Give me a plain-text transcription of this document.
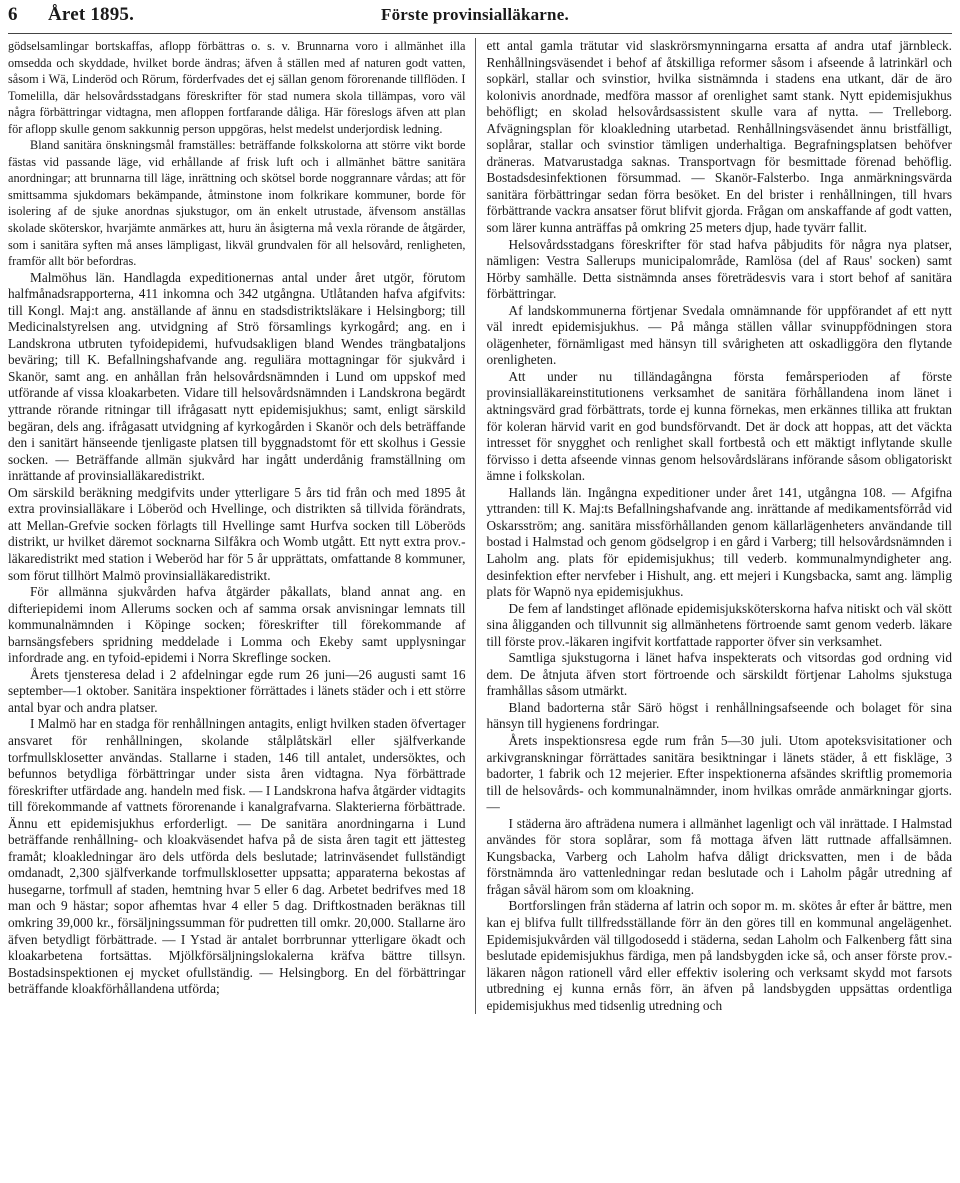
6	Året 1895.	Förste provinsialläkarne.

gödselsamlingar bortskaffas, aflopp förbättras o. s. v. Brunnarna voro i allmänhet illa omsedda och skyddade, hvilket borde ändras; äfven å ställen med af naturen godt vatten, såsom i Wä, Linderöd och Rörum, förderfvades det ej sällan genom förorenande tillflöden. I Tomelilla, där helsovårdsstadgans föreskrifter för stad numera skola tillämpas, voro väl några förbättringar vidtagna, men afloppen fortfarande dåliga. Här föreslogs äfven att plan för aflopp skulle genom sakkunnig person uppgöras, helst medelst underjordisk ledning.

Bland sanitära önskningsmål framställes: beträffande folkskolorna att större vikt borde fästas vid passande läge, vid erhållande af frisk luft och i allmänhet bättre sanitära anordningar; att brunnarna till läge, inrättning och skötsel borde noggrannare vårdas; att för smittsamma sjukdomars bekämpande, åtminstone inom folkrikare kommuner, borde för isolering af de sjuke anordnas sjukstugor, om än enkelt utrustade, äfvensom anställas skolade sköterskor, hvarjämte anmärkes att, huru än åsigterna må vexla rörande de åtgärder, som i sanitära syften må anses lämpligast, likväl grundvalen för all helsovård, renligheten, framför allt bör befordras.

Malmöhus län. Handlagda expeditionernas antal under året utgör, förutom halfmånadsrapporterna, 411 inkomna och 342 utgångna. Utlåtanden hafva afgifvits: till Kongl. Maj:t ang. anställande af ännu en stadsdistriktsläkare i Helsingborg; till Medicinalstyrelsen ang. utvidgning af Strö församlings kyrkogård; ang. en i Landskrona utbruten tyfoidepidemi, hufvudsakligen bland Wendes trängbataljons beväring; till K. Befallningshafvande ang. reguliära mottagningar för sjukvård i Skanör, samt ang. en anhållan från helsovårdsnämnden i Lund om uppskof med utförande af vissa kloakarbeten. Vidare till helsovårdsnämnden i Landskrona begärdt yttrande rörande ritningar till ifrågasatt nytt epidemisjukhus; samt, enligt särskild begäran, dels ang. ifrågasatt utvidgning af kyrkogården i Skanör och dels beträffande den i sanitärt hänseende tjenligaste platsen till byggnadstomt för ett skolhus i Gessie socken. — Beträffande allmän sjukvård har ingått underdånig framställning om inrättande af provinsialläkaredistrikt.

Om särskild beräkning medgifvits under ytterligare 5 års tid från och med 1895 åt extra provinsialläkare i Löberöd och Hvellinge, och distrikten så tillvida förändrats, att Mellan-Grefvie socken förlagts till Hvellinge samt Hurfva socken till Löberöds distrikt, ur hvilket däremot socknarna Silfåkra och Womb utgått. Ett nytt extra prov.-läkaredistrikt med station i Weberöd har för 5 år upprättats, omfattande 8 kommuner, som förut tillhört Malmö provinsialläkaredistrikt.

För allmänna sjukvården hafva åtgärder påkallats, bland annat ang. en difteriepidemi inom Allerums socken och af samma orsak anvisningar lemnats till kommunalnämnden i Köpinge socken; föreskrifter till förekommande af barnsängsfebers spridning meddelade i Lomma och Ekeby samt upplysningar infordrade ang. en tyfoid-epidemi i Norra Skreflinge socken.

Årets tjensteresa delad i 2 afdelningar egde rum 26 juni—26 augusti samt 16 september—1 oktober. Sanitära inspektioner förrättades i länets städer och i ett större antal byar och andra platser.

I Malmö har en stadga för renhållningen antagits, enligt hvilken staden öfvertager ansvaret för renhållningen, skolande stålplåtskärl eller själfverkande torfmullsklosetter användas. Stallarne i staden, 146 till antalet, undersöktes, och befunnos betydliga förbättringar under sista åren vidtagna. Nya förbättrade föreskrifter utfärdade ang. handeln med fisk. — I Landskrona hafva åtgärder vidtagits till förekommande af vattnets förorenande i kanalgrafvarna. Slakterierna förbättrade. Ännu ett epidemisjukhus erforderligt. — De sanitära anordningarna i Lund beträffande renhållning- och kloakväsendet hafva på de sista åren tagit ett jättesteg framåt; kloakledningar äro dels utförda dels beslutade; latrinväsendet fullständigt omdanadt, 2,300 själfverkande torfmullsklosetter uppsatta; apparaterna bekostas af husegarne, torfmull af staden, hemtning hvar 5 eller 6 dag. Arbetet bedrifves med 18 man och 9 hästar; sopor afhemtas hvar 4 eller 5 dag. Driftkostnaden beräknas till omkring 39,000 kr., försäljningssumman för pudretten till omkr. 20,000. Stallarne äro äfven betydligt förbättrade. — I Ystad är antalet borrbrunnar ytterligare ökadt och kloakarbetena fortsättas. Mjölkförsäljningslokalerna kräfva bättre tillsyn. Bostadsinspektionen ej mycket ofullständig. — Helsingborg. En del förbättringar beträffande kloakförhållandena utförda;

ett antal gamla trätutar vid slaskrörsmynningarna ersatta af andra utaf järnbleck. Renhållningsväsendet i behof af åtskilliga reformer såsom i afseende å latrinkärl och sopkärl, stallar och svinstior, hvilka sistnämnda i stadens ena utkant, där de äro kolonivis anordnade, medföra massor af orenlighet samt stank. Nytt epidemisjukhus behöfligt; en skolad helsovårdsassistent skulle vara af nytta. — Trelleborg. Afvägningsplan för kloakledning utarbetad. Renhållningsväsendet ännu bristfälligt, soplårar, stallar och svinstior tämligen underhaltiga. Begrafningsplatsen behöfver dräneras. Matvarustadga saknas. Transportvagn för besmittade förenad behöflig. Bostadsdesinfektionen försummad. — Skanör-Falsterbo. Inga anmärkningsvärda sanitära förbättringar sedan förra besöket. En del brister i renhållningen, till hvars förbättrande vackra ansatser förut blifvit gjorda. Frågan om anskaffande af godt vatten, som lärer kunna anträffas på omkring 25 meters djup, hade tyvärr fallit.

Helsovårdsstadgans föreskrifter för stad hafva påbjudits för några nya platser, nämligen: Vestra Sallerups municipalområde, Ramlösa (del af Raus' socken) samt Hörby samhälle. Detta sistnämnda anses företrädesvis vara i stort behof af sanitära förbättringar.

Af landskommunerna förtjenar Svedala omnämnande för uppförandet af ett nytt väl inredt epidemisjukhus. — På många ställen vållar svinuppfödningen stora olägenheter, förnämligast med hänsyn till svårigheten att oskadliggöra den flytande orenligheten.

Att under nu tilländagångna första femårsperioden af förste provinsialläkareinstitutionens verksamhet de sanitära förhållandena inom länet i aktningsvärd grad förbättrats, torde ej kunna förnekas, men erkännes tillika att fruktan för koleran härvid varit en god bundsförvandt. Det är dock att hoppas, att det väckta intresset för snygghet och renlighet skall fortbestå och ett mäktigt inflytande skulle förvisso i detta afseende vinnas genom helsovårdslärans införande såsom obligatoriskt ämne i folkskolan.

Hallands län. Ingångna expeditioner under året 141, utgångna 108. — Afgifna yttranden: till K. Maj:ts Befallningshafvande ang. inrättande af medikamentsförråd vid Oskarsström; ang. sanitära missförhållanden genom källarlägenheters användande till bostad i Halmstad och genom gödselgrop i en gård i Varberg; till helsovårdsnämnden i Laholm ang. plats för epidemisjukhus; till vederb. kommunalmyndigheter ang. desinfektion efter nervfeber i Hishult, ang. ett mejeri i Kungsbacka, samt ang. lämplig plats för Wapnö nya epidemisjukhus.

De fem af landstinget aflönade epidemisjuksköterskorna hafva nitiskt och väl skött sina åligganden och tillvunnit sig allmänhetens förtroende samt genom vederb. läkare till förste prov.-läkaren ingifvit kortfattade rapporter öfver sin verksamhet.

Samtliga sjukstugorna i länet hafva inspekterats och vitsordas god ordning vid dem. De åtnjuta äfven stort förtroende och särskildt förtjenar Laholms sjukstuga framhållas såsom utmärkt.

Bland badorterna står Särö högst i renhållningsafseende och bolaget för sina hänsyn till hygienens fordringar.

Årets inspektionsresa egde rum från 5—30 juli. Utom apoteksvisitationer och arkivgranskningar förrättades sanitära besiktningar i länets städer, å ett fiskläge, 3 badorter, 1 fabrik och 12 mejerier. Efter inspektionerna afsändes skriftlig promemoria till de helsovårds- och kommunalnämnder, inom hvilkas område anmärkningar gjorts. —

I städerna äro afträdena numera i allmänhet lagenligt och väl inrättade. I Halmstad användes för stora soplårar, som få mottaga äfven lätt ruttnade affallsämnen. Kungsbacka, Varberg och Laholm hafva dåligt dricksvatten, men i de båda förstnämnda äro vattenledningar redan beslutade och i Laholm pågår utredning af frågan såväl härom som om kloakning.

Bortforslingen från städerna af latrin och sopor m. m. skötes år efter år bättre, men kan ej blifva fullt tillfredsställande förr än den göres till en kommunal angelägenhet. Epidemisjukvården väl tillgodosedd i städerna, sedan Laholm och Falkenberg fått sina beslutade epidemisjukhus färdiga, men på landsbygden icke så, och anser förste prov.-läkaren någon rationell vård eller effektiv isolering och verksamt skydd mot farsots utbredning ej kunna ernås förr, än äfven på landsbygden uppsättas ordentliga epidemisjukhus med tidsenlig utredning och
